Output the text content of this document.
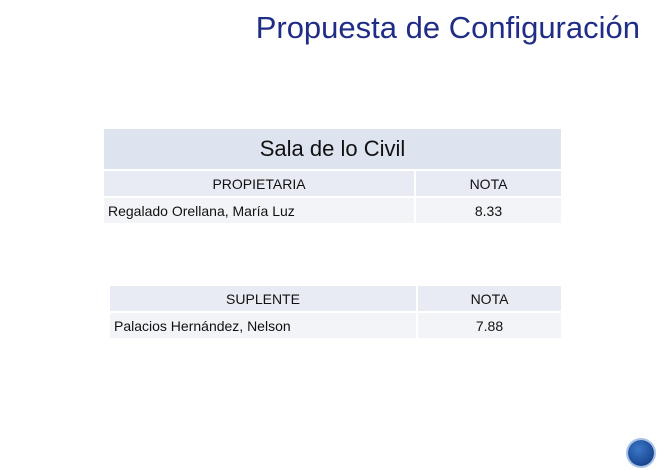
Propuesta de Configuración
Sala de lo Civil	
PROPIETARIA	NOTA
Regalado Orellana, María Luz	8.33
SUPLENTE	NOTA
Palacios Hernández, Nelson	7.88
